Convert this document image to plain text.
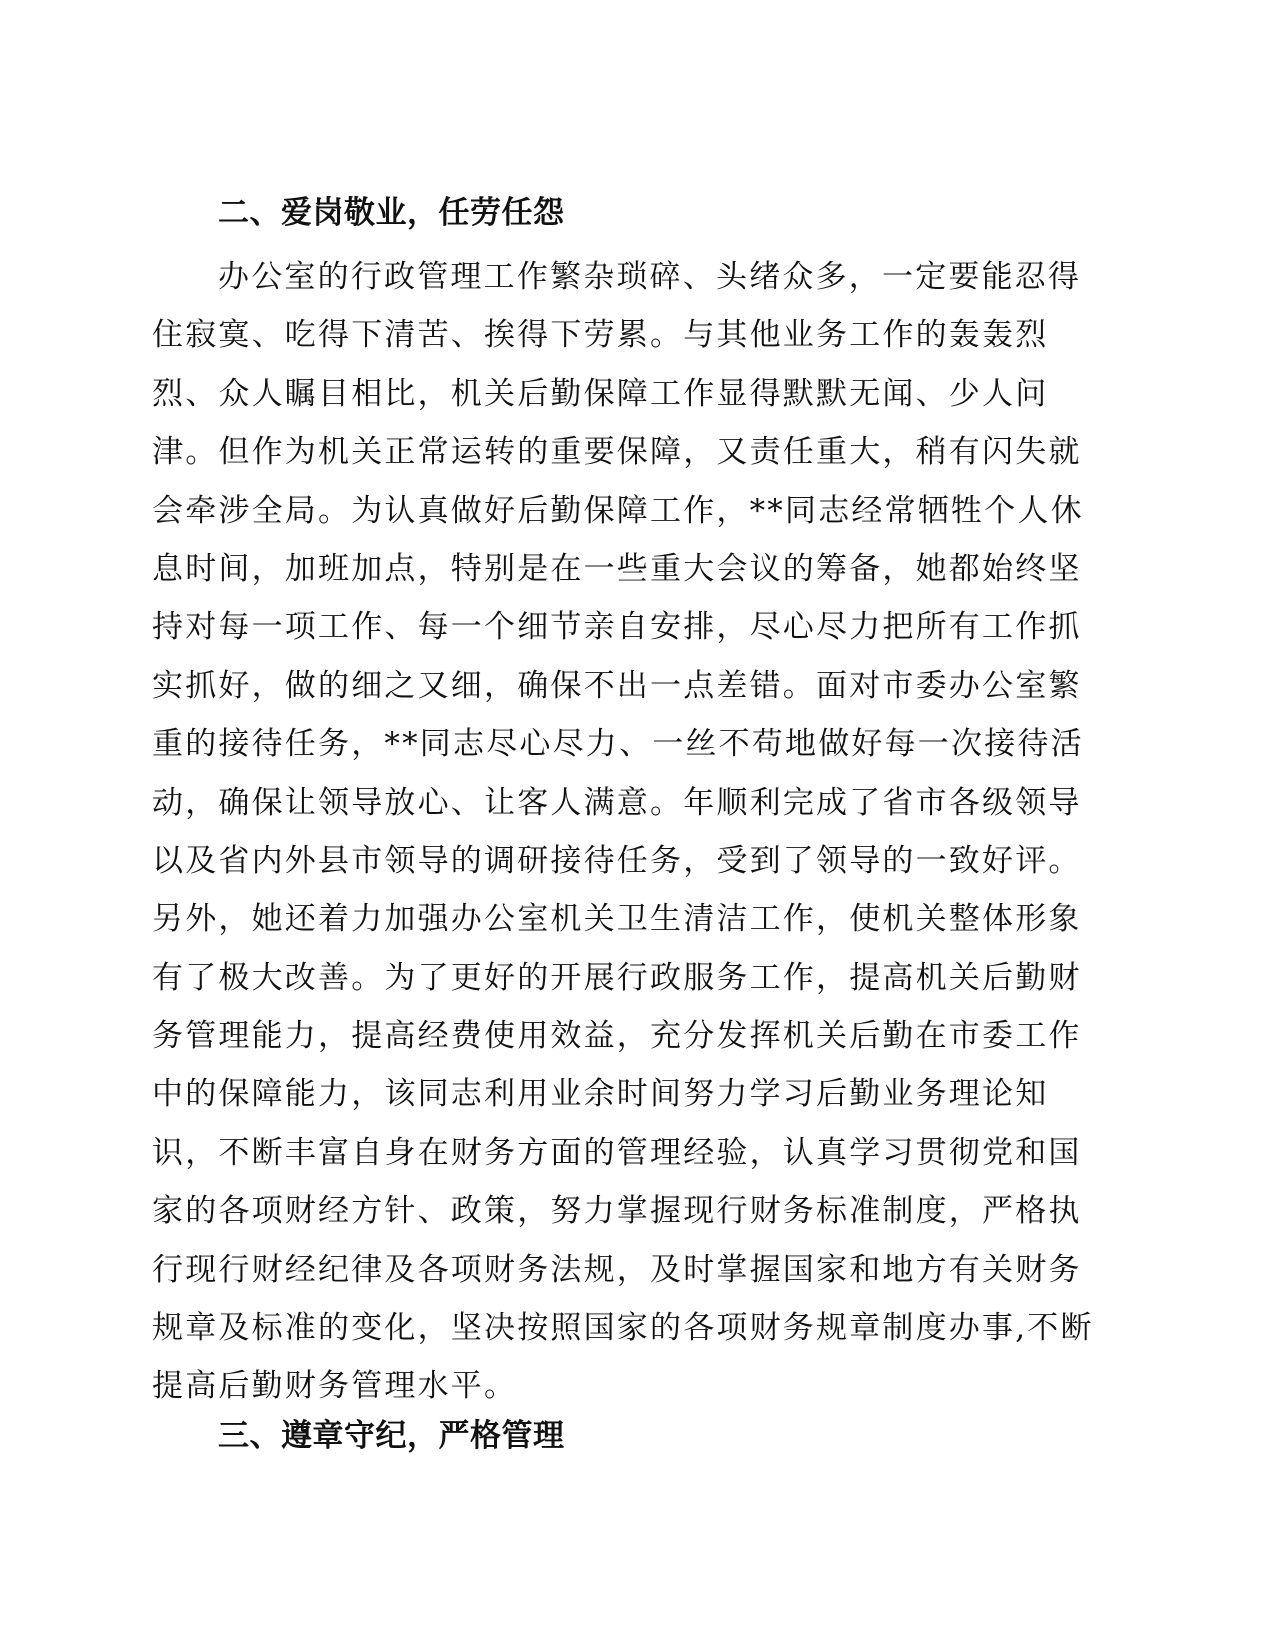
二、爱岗敬业，任劳任怨
办公室的行政管理工作繁杂琐碎、头绪众多，一定要能忍得
住寂寞、吃得下清苦、挨得下劳累。与其他业务工作的轰轰烈
烈、众人瞩目相比，机关后勤保障工作显得默默无闻、少人问
津。但作为机关正常运转的重要保障，又责任重大，稍有闪失就
会牵涉全局。为认真做好后勤保障工作，**同志经常牺牲个人休
息时间，加班加点，特别是在一些重大会议的筹备，她都始终坚
持对每一项工作、每一个细节亲自安排，尽心尽力把所有工作抓
实抓好，做的细之又细，确保不出一点差错。面对市委办公室繁
重的接待任务，**同志尽心尽力、一丝不苟地做好每一次接待活
动，确保让领导放心、让客人满意。年顺利完成了省市各级领导
以及省内外县市领导的调研接待任务，受到了领导的一致好评。
另外，她还着力加强办公室机关卫生清洁工作，使机关整体形象
有了极大改善。为了更好的开展行政服务工作，提高机关后勤财
务管理能力，提高经费使用效益，充分发挥机关后勤在市委工作
中的保障能力，该同志利用业余时间努力学习后勤业务理论知
识，不断丰富自身在财务方面的管理经验，认真学习贯彻党和国
家的各项财经方针、政策，努力掌握现行财务标准制度，严格执
行现行财经纪律及各项财务法规，及时掌握国家和地方有关财务
规章及标准的变化，坚决按照国家的各项财务规章制度办事,不断
提高后勤财务管理水平。
三、遵章守纪，严格管理
